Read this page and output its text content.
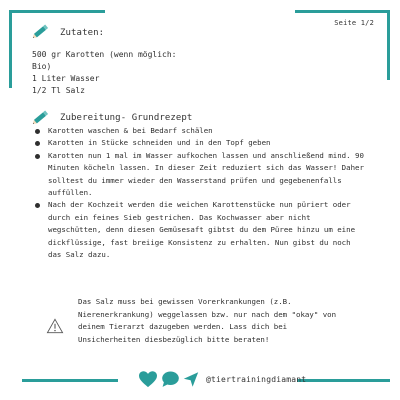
Seite 1/2
Zutaten:
500 gr Karotten (wenn möglich:
Bio)
1 Liter Wasser
1/2 Tl Salz
Zubereitung- Grundrezept
Karotten waschen & bei Bedarf schälen
Karotten in Stücke schneiden und in den Topf geben
Karotten nun 1 mal im Wasser aufkochen lassen und anschließend mind. 90 Minuten köcheln lassen. In dieser Zeit reduziert sich das Wasser! Daher solltest du immer wieder den Wasserstand prüfen und gegebenenfalls auffüllen.
Nach der Kochzeit werden die weichen Karottenstücke nun püriert oder durch ein feines Sieb gestrichen. Das Kochwasser aber nicht wegschütten, denn diesen Gemüsesaft gibtst du dem Püree hinzu um eine dickflüssige, fast breiige Konsistenz zu erhalten. Nun gibst du noch das Salz dazu.
Das Salz muss bei gewissen Vorerkrankungen (z.B. Nierenerkrankung) weggelassen bzw. nur nach dem "okay" von deinem Tierarzt dazugeben werden. Lass dich bei Unsicherheiten diesbezüglich bitte beraten!
@tiertrainingdiamant
